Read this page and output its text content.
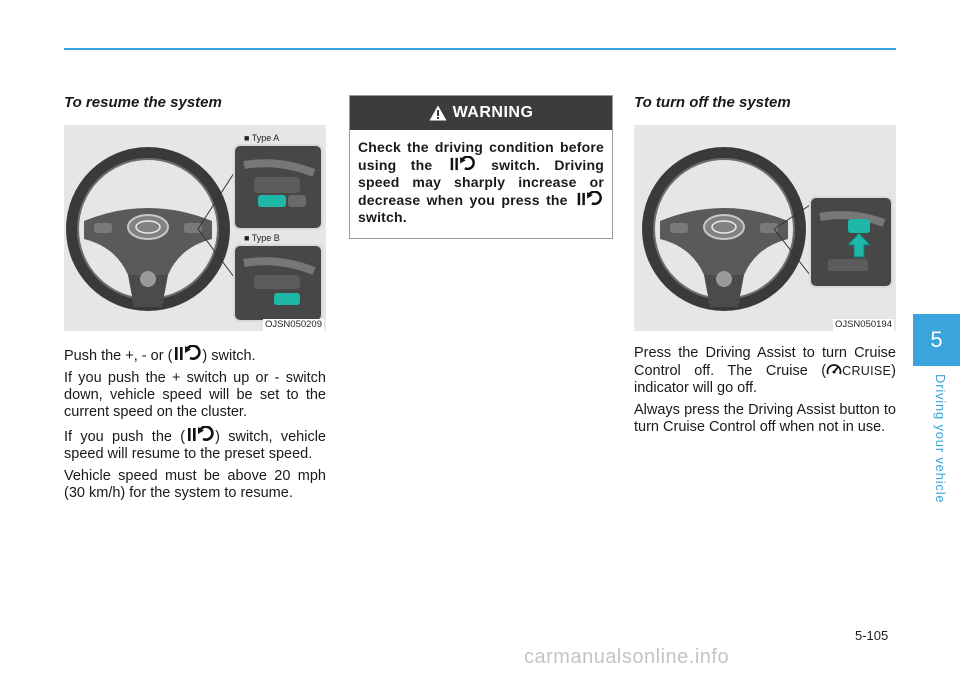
To resume the system
■ Type A
■ Type B
OJSN050209

Push the +, - or ( ) switch.

If you push the + switch up or - switch down, vehicle speed will be set to the current speed on the cluster.

If you push the ( ) switch, vehicle speed will resume to the preset speed.

Vehicle speed must be above 20 mph (30 km/h) for the system to resume.

WARNING
Check the driving condition before using the	switch. Driving speed may sharply increase or decrease when you press the  switch.
To turn off the system
OJSN050194

Press the Driving Assist to turn Cruise Control off. The Cruise ( CRUISE) indicator will go off.

Always press the Driving Assist button to turn Cruise Control off when not in use.

5
Driving your vehicle
5-105
carmanualsonline.info
